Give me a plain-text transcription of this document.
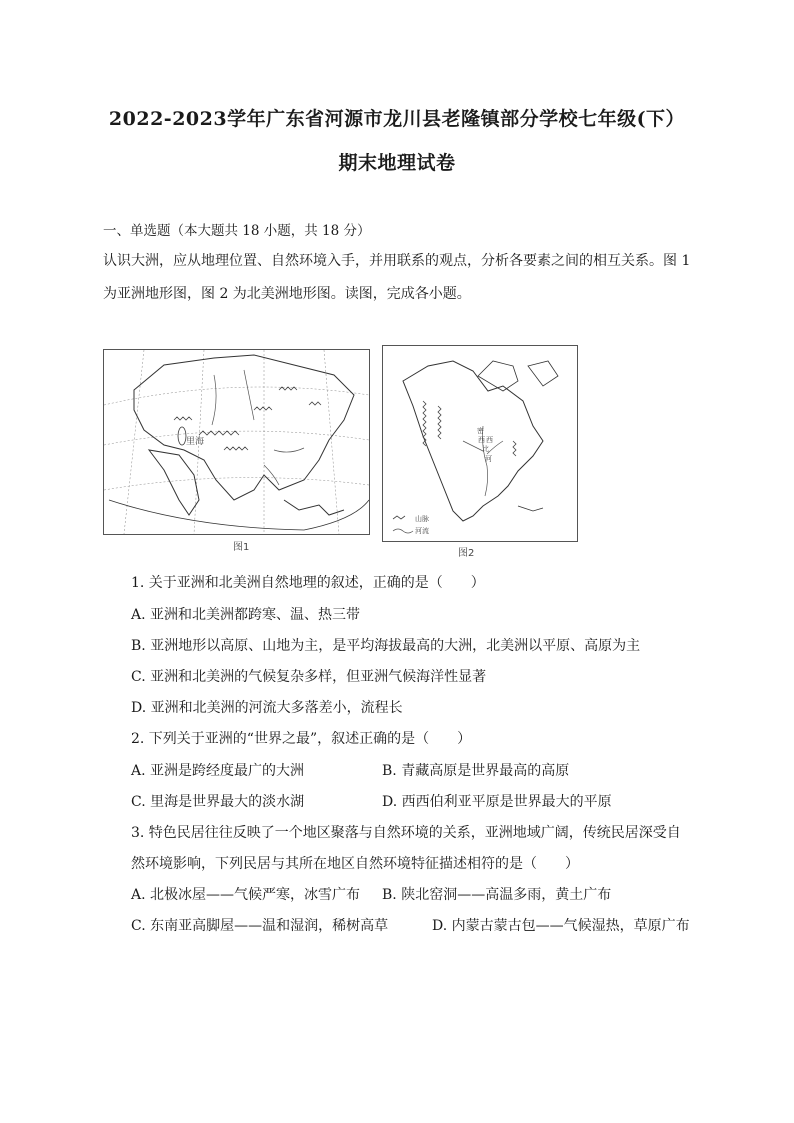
2022-2023学年广东省河源市龙川县老隆镇部分学校七年级(下）
期末地理试卷
一、单选题（本大题共 18 小题，共 18 分）
认识大洲，应从地理位置、自然环境入手，并用联系的观点，分析各要素之间的相互关系。图 1
为亚洲地形图，图 2 为北美洲地形图。读图，完成各小题。
里海
图1
密
西 西
比
河
山脉
河流
图2
1. 关于亚洲和北美洲自然地理的叙述，正确的是（　　）
A. 亚洲和北美洲都跨寒、温、热三带
B. 亚洲地形以高原、山地为主，是平均海拔最高的大洲，北美洲以平原、高原为主
C. 亚洲和北美洲的气候复杂多样，但亚洲气候海洋性显著
D. 亚洲和北美洲的河流大多落差小，流程长
2. 下列关于亚洲的“世界之最”，叙述正确的是（　　）
A. 亚洲是跨经度最广的大洲	B. 青藏高原是世界最高的高原
C. 里海是世界最大的淡水湖	D. 西西伯利亚平原是世界最大的平原
3. 特色民居往往反映了一个地区聚落与自然环境的关系，亚洲地域广阔，传统民居深受自
然环境影响，下列民居与其所在地区自然环境特征描述相符的是（　　）
A. 北极冰屋——气候严寒，冰雪广布 B. 陕北窑洞——高温多雨，黄土广布
C. 东南亚高脚屋——温和湿润，稀树高草	D. 内蒙古蒙古包——气候湿热，草原广布
